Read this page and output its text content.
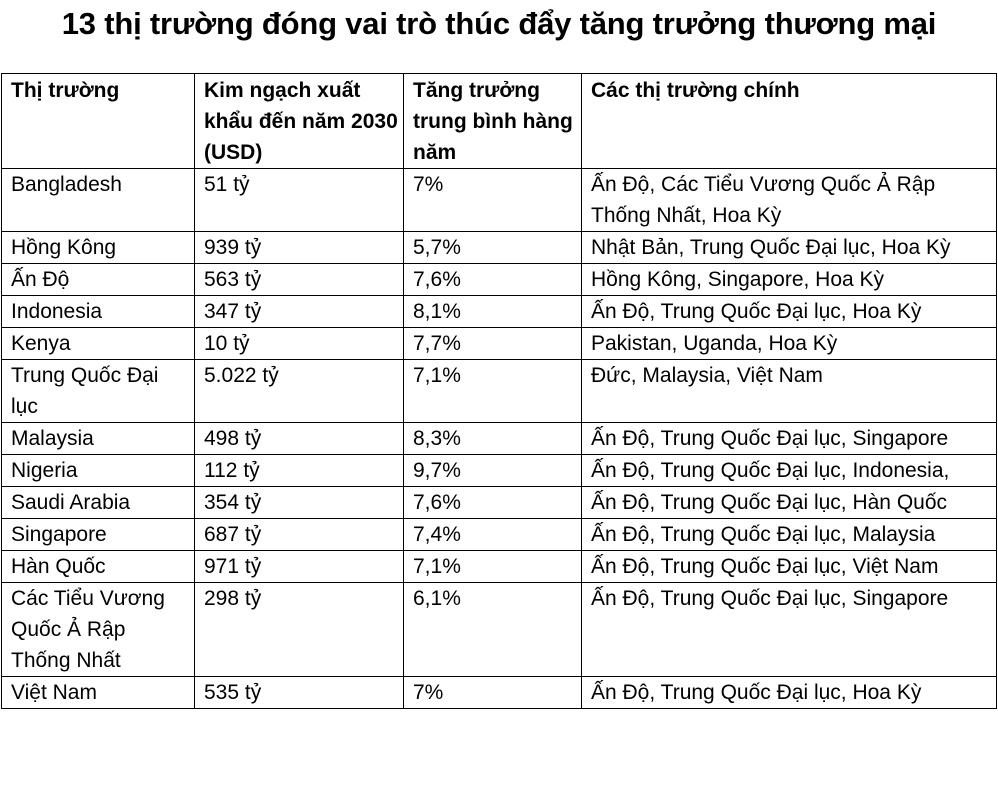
13 thị trường đóng vai trò thúc đẩy tăng trưởng thương mại
Thị trường	Kim ngạch xuất khẩu đến năm 2030 (USD)	Tăng trưởng trung bình hàng năm	Các thị trường chính
Bangladesh	51 tỷ	7%	Ấn Độ, Các Tiểu Vương Quốc Ả Rập Thống Nhất, Hoa Kỳ
Hồng Kông	939 tỷ	5,7%	Nhật Bản, Trung Quốc Đại lục, Hoa Kỳ
Ấn Độ	563 tỷ	7,6%	Hồng Kông, Singapore, Hoa Kỳ
Indonesia	347 tỷ	8,1%	Ấn Độ, Trung Quốc Đại lục, Hoa Kỳ
Kenya	10 tỷ	7,7%	Pakistan, Uganda, Hoa Kỳ
Trung Quốc Đại lục	5.022 tỷ	7,1%	Đức, Malaysia, Việt Nam
Malaysia	498 tỷ	8,3%	Ấn Độ, Trung Quốc Đại lục, Singapore
Nigeria	112 tỷ	9,7%	Ấn Độ, Trung Quốc Đại lục, Indonesia,
Saudi Arabia	354 tỷ	7,6%	Ấn Độ, Trung Quốc Đại lục, Hàn Quốc
Singapore	687 tỷ	7,4%	Ấn Độ, Trung Quốc Đại lục, Malaysia
Hàn Quốc	971 tỷ	7,1%	Ấn Độ, Trung Quốc Đại lục, Việt Nam
Các Tiểu Vương Quốc Ả Rập Thống Nhất	298 tỷ	6,1%	Ấn Độ, Trung Quốc Đại lục, Singapore
Việt Nam	535 tỷ	7%	Ấn Độ, Trung Quốc Đại lục, Hoa Kỳ
